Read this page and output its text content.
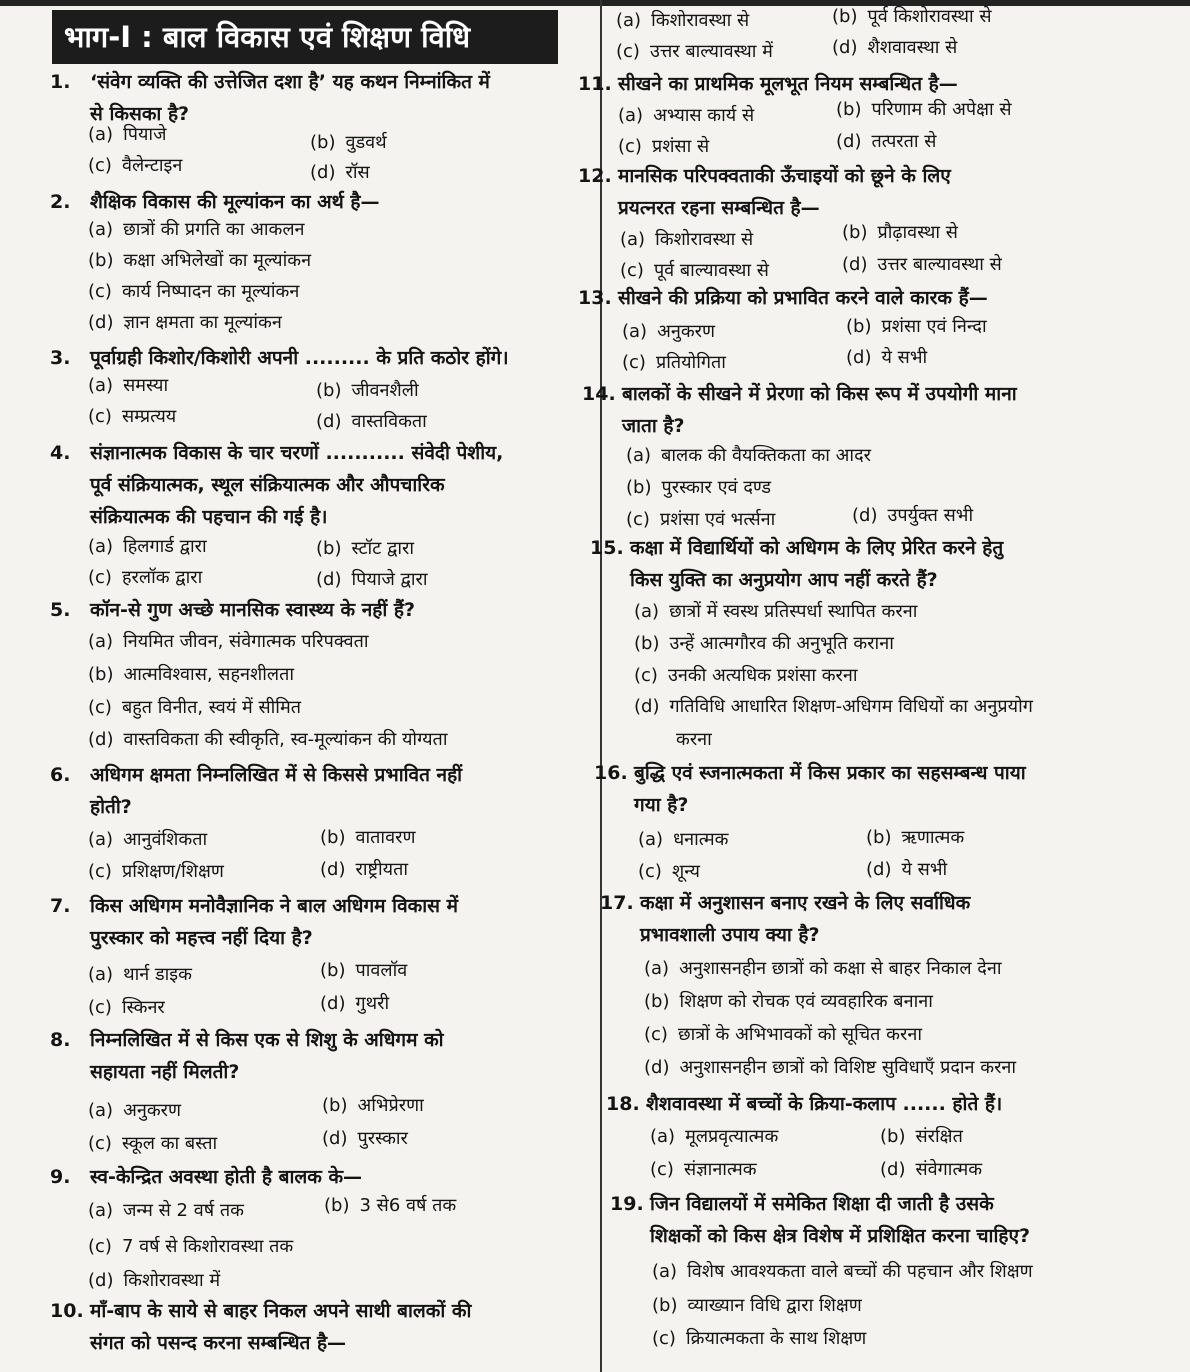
भाग-I : बाल विकास एवं शिक्षण विधि
1. ‘संवेग व्यक्ति की उत्तेजित दशा है’ यह कथन निम्नांकित में
से किसका है?
(a) पियाजे	(b) वुडवर्थ
(c) वैलेन्टाइन	(d) रॉस
2. शैक्षिक विकास की मूल्यांकन का अर्थ है—
(a) छात्रों की प्रगति का आकलन
(b) कक्षा अभिलेखों का मूल्यांकन
(c) कार्य निष्पादन का मूल्यांकन
(d) ज्ञान क्षमता का मूल्यांकन
3. पूर्वाग्रही किशोर/किशोरी अपनी ......... के प्रति कठोर होंगे।
(a) समस्या	(b) जीवनशैली
(c) सम्प्रत्यय	(d) वास्तविकता
4. संज्ञानात्मक विकास के चार चरणों ........... संवेदी पेशीय,
पूर्व संक्रियात्मक, स्थूल संक्रियात्मक और औपचारिक
संक्रियात्मक की पहचान की गई है।
(a) हिलगार्ड द्वारा	(b) स्टॉट द्वारा
(c) हरलॉक द्वारा	(d) पियाजे द्वारा
5. कॉन-से गुण अच्छे मानसिक स्वास्थ्य के नहीं हैं?
(a) नियमित जीवन, संवेगात्मक परिपक्वता
(b) आत्मविश्वास, सहनशीलता
(c) बहुत विनीत, स्वयं में सीमित
(d) वास्तविकता की स्वीकृति, स्व-मूल्यांकन की योग्यता
6. अधिगम क्षमता निम्नलिखित में से किससे प्रभावित नहीं
होती?
(a) आनुवंशिकता	(b) वातावरण
(c) प्रशिक्षण/शिक्षण	(d) राष्ट्रीयता
7. किस अधिगम मनोवैज्ञानिक ने बाल अधिगम विकास में
पुरस्कार को महत्त्व नहीं दिया है?
(a) थार्न डाइक	(b) पावलॉव
(c) स्किनर	(d) गुथरी
8. निम्नलिखित में से किस एक से शिशु के अधिगम को
सहायता नहीं मिलती?
(a) अनुकरण	(b) अभिप्रेरणा
(c) स्कूल का बस्ता	(d) पुरस्कार
9. स्व-केन्द्रित अवस्था होती है बालक के—
(a) जन्म से 2 वर्ष तक	(b) 3 से6 वर्ष तक
(c) 7 वर्ष से किशोरावस्था तक
(d) किशोरावस्था में
10. माँ-बाप के साये से बाहर निकल अपने साथी बालकों की
संगत को पसन्द करना सम्बन्धित है—
(a) किशोरावस्था से	(b) पूर्व किशोरावस्था से
(c) उत्तर बाल्यावस्था में	(d) शैशवावस्था से
11. सीखने का प्राथमिक मूलभूत नियम सम्बन्धित है—
(a) अभ्यास कार्य से	(b) परिणाम की अपेक्षा से
(c) प्रशंसा से	(d) तत्परता से
12. मानसिक परिपक्वताकी ऊँचाइयों को छूने के लिए
प्रयत्नरत रहना सम्बन्धित है—
(a) किशोरावस्था से	(b) प्रौढ़ावस्था से
(c) पूर्व बाल्यावस्था से	(d) उत्तर बाल्यावस्था से
13. सीखने की प्रक्रिया को प्रभावित करने वाले कारक हैं—
(a) अनुकरण	(b) प्रशंसा एवं निन्दा
(c) प्रतियोगिता	(d) ये सभी
14. बालकों के सीखने में प्रेरणा को किस रूप में उपयोगी माना
जाता है?
(a) बालक की वैयक्तिकता का आदर
(b) पुरस्कार एवं दण्ड
(c) प्रशंसा एवं भर्त्सना	(d) उपर्युक्त सभी
15. कक्षा में विद्यार्थियों को अधिगम के लिए प्रेरित करने हेतु
किस युक्ति का अनुप्रयोग आप नहीं करते हैं?
(a) छात्रों में स्वस्थ प्रतिस्पर्धा स्थापित करना
(b) उन्हें आत्मगौरव की अनुभूति कराना
(c) उनकी अत्यधिक प्रशंसा करना
(d) गतिविधि आधारित शिक्षण-अधिगम विधियों का अनुप्रयोग
करना
16. बुद्धि एवं स्जनात्मकता में किस प्रकार का सहसम्बन्ध पाया
गया है?
(a) धनात्मक	(b) ऋणात्मक
(c) शून्य	(d) ये सभी
17. कक्षा में अनुशासन बनाए रखने के लिए सर्वाधिक
प्रभावशाली उपाय क्या है?
(a) अनुशासनहीन छात्रों को कक्षा से बाहर निकाल देना
(b) शिक्षण को रोचक एवं व्यवहारिक बनाना
(c) छात्रों के अभिभावकों को सूचित करना
(d) अनुशासनहीन छात्रों को विशिष्ट सुविधाएँ प्रदान करना
18. शैशवावस्था में बच्चों के क्रिया-कलाप ...... होते हैं।
(a) मूलप्रवृत्यात्मक	(b) संरक्षित
(c) संज्ञानात्मक	(d) संवेगात्मक
19. जिन विद्यालयों में समेकित शिक्षा दी जाती है उसके
शिक्षकों को किस क्षेत्र विशेष में प्रशिक्षित करना चाहिए?
(a) विशेष आवश्यकता वाले बच्चों की पहचान और शिक्षण
(b) व्याख्यान विधि द्वारा शिक्षण
(c) क्रियात्मकता के साथ शिक्षण
